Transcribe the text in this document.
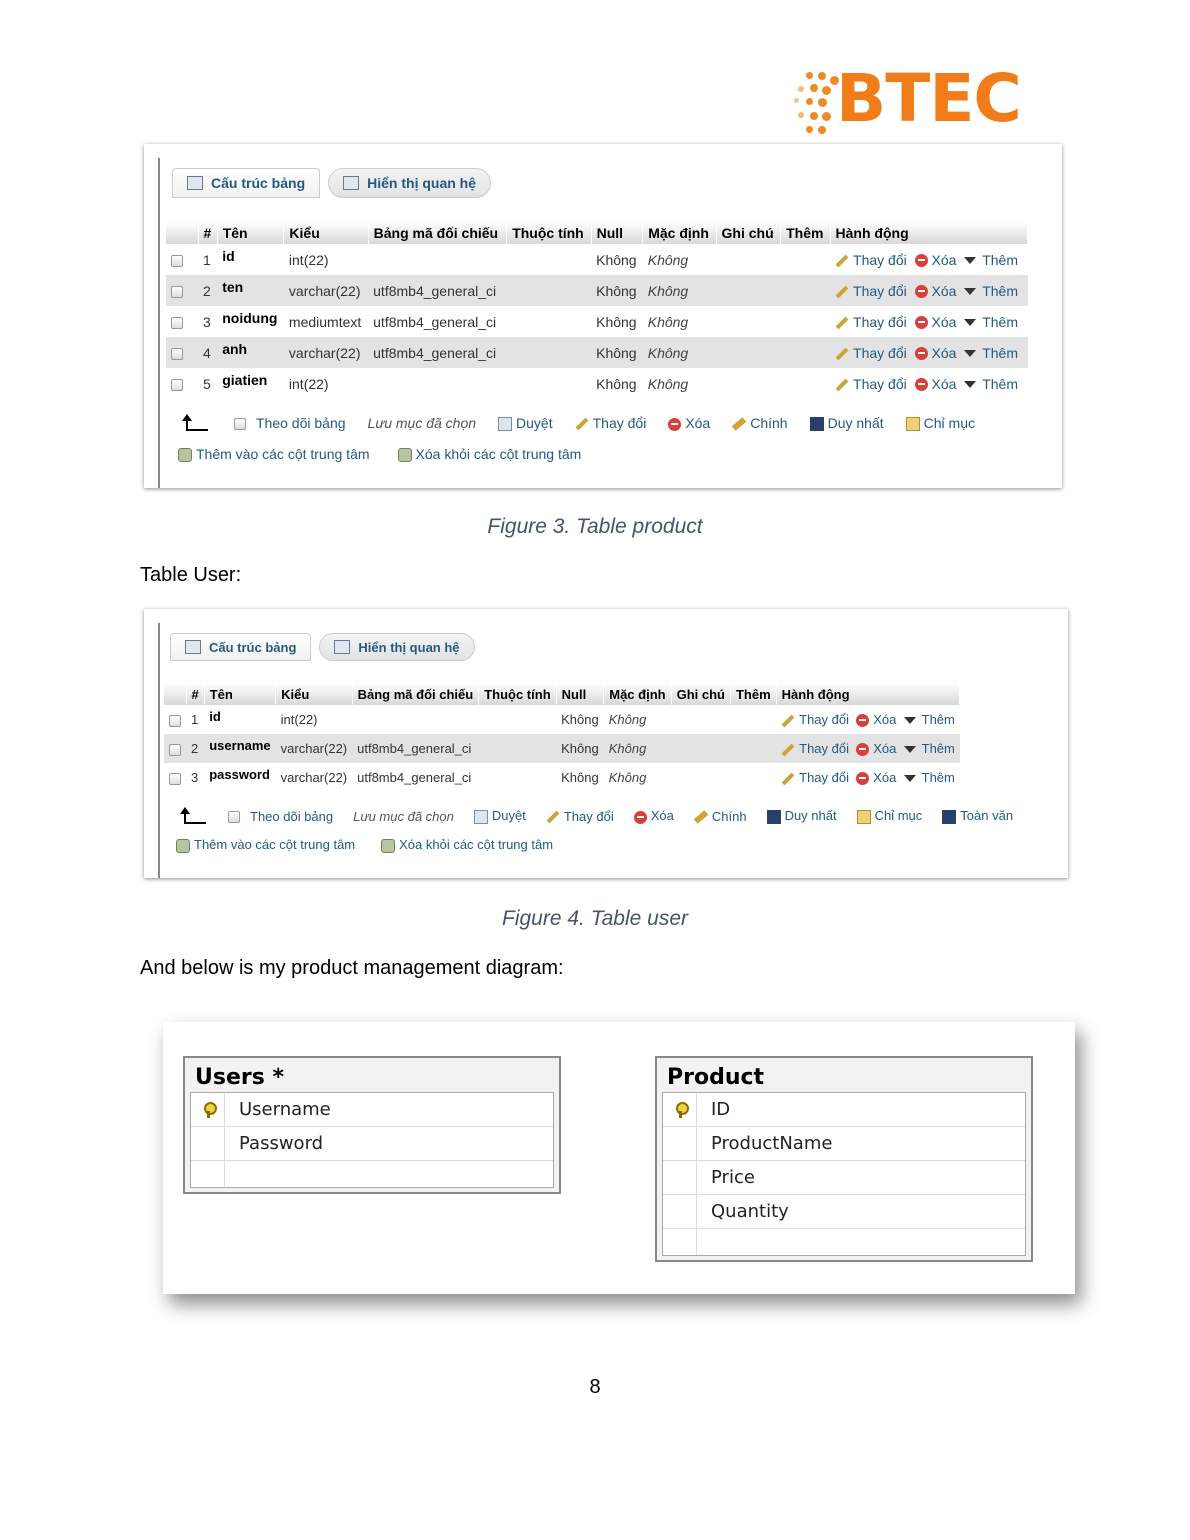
BTEC
Cấu trúc bảng	Hiển thị quan hệ
	#	Tên	Kiểu	Bảng mã đối chiếu	Thuộc tính	Null	Mặc định	Ghi chú	Thêm	Hành động
	1	id	int(22)			Không	Không			Thay đổi Xóa Thêm
	2	ten	varchar(22)	utf8mb4_general_ci		Không	Không			Thay đổi Xóa Thêm
	3	noidung	mediumtext	utf8mb4_general_ci		Không	Không			Thay đổi Xóa Thêm
	4	anh	varchar(22)	utf8mb4_general_ci		Không	Không			Thay đổi Xóa Thêm
	5	giatien	int(22)			Không	Không			Thay đổi Xóa Thêm
Theo dõi bảng Lưu mục đã chọn	Duyệt	Thay đổi	Xóa	Chính	Duy nhất	Chỉ mục
Thêm vào các cột trung tâm	Xóa khỏi các cột trung tâm
Figure 3. Table product
Table User:
Cấu trúc bảng	Hiển thị quan hệ
	#	Tên	Kiểu	Bảng mã đối chiếu	Thuộc tính	Null	Mặc định	Ghi chú	Thêm	Hành động
	1	id	int(22)			Không	Không			Thay đổi Xóa Thêm
	2	username	varchar(22)	utf8mb4_general_ci		Không	Không			Thay đổi Xóa Thêm
	3	password	varchar(22)	utf8mb4_general_ci		Không	Không			Thay đổi Xóa Thêm
Theo dõi bảng Lưu mục đã chọn	Duyệt	Thay đổi	Xóa	Chính	Duy nhất	Chỉ mục	Toàn văn
Thêm vào các cột trung tâm	Xóa khỏi các cột trung tâm
Figure 4. Table user
And below is my product management diagram:
Users *
Username
Password
Product
ID
ProductName
Price
Quantity
8
